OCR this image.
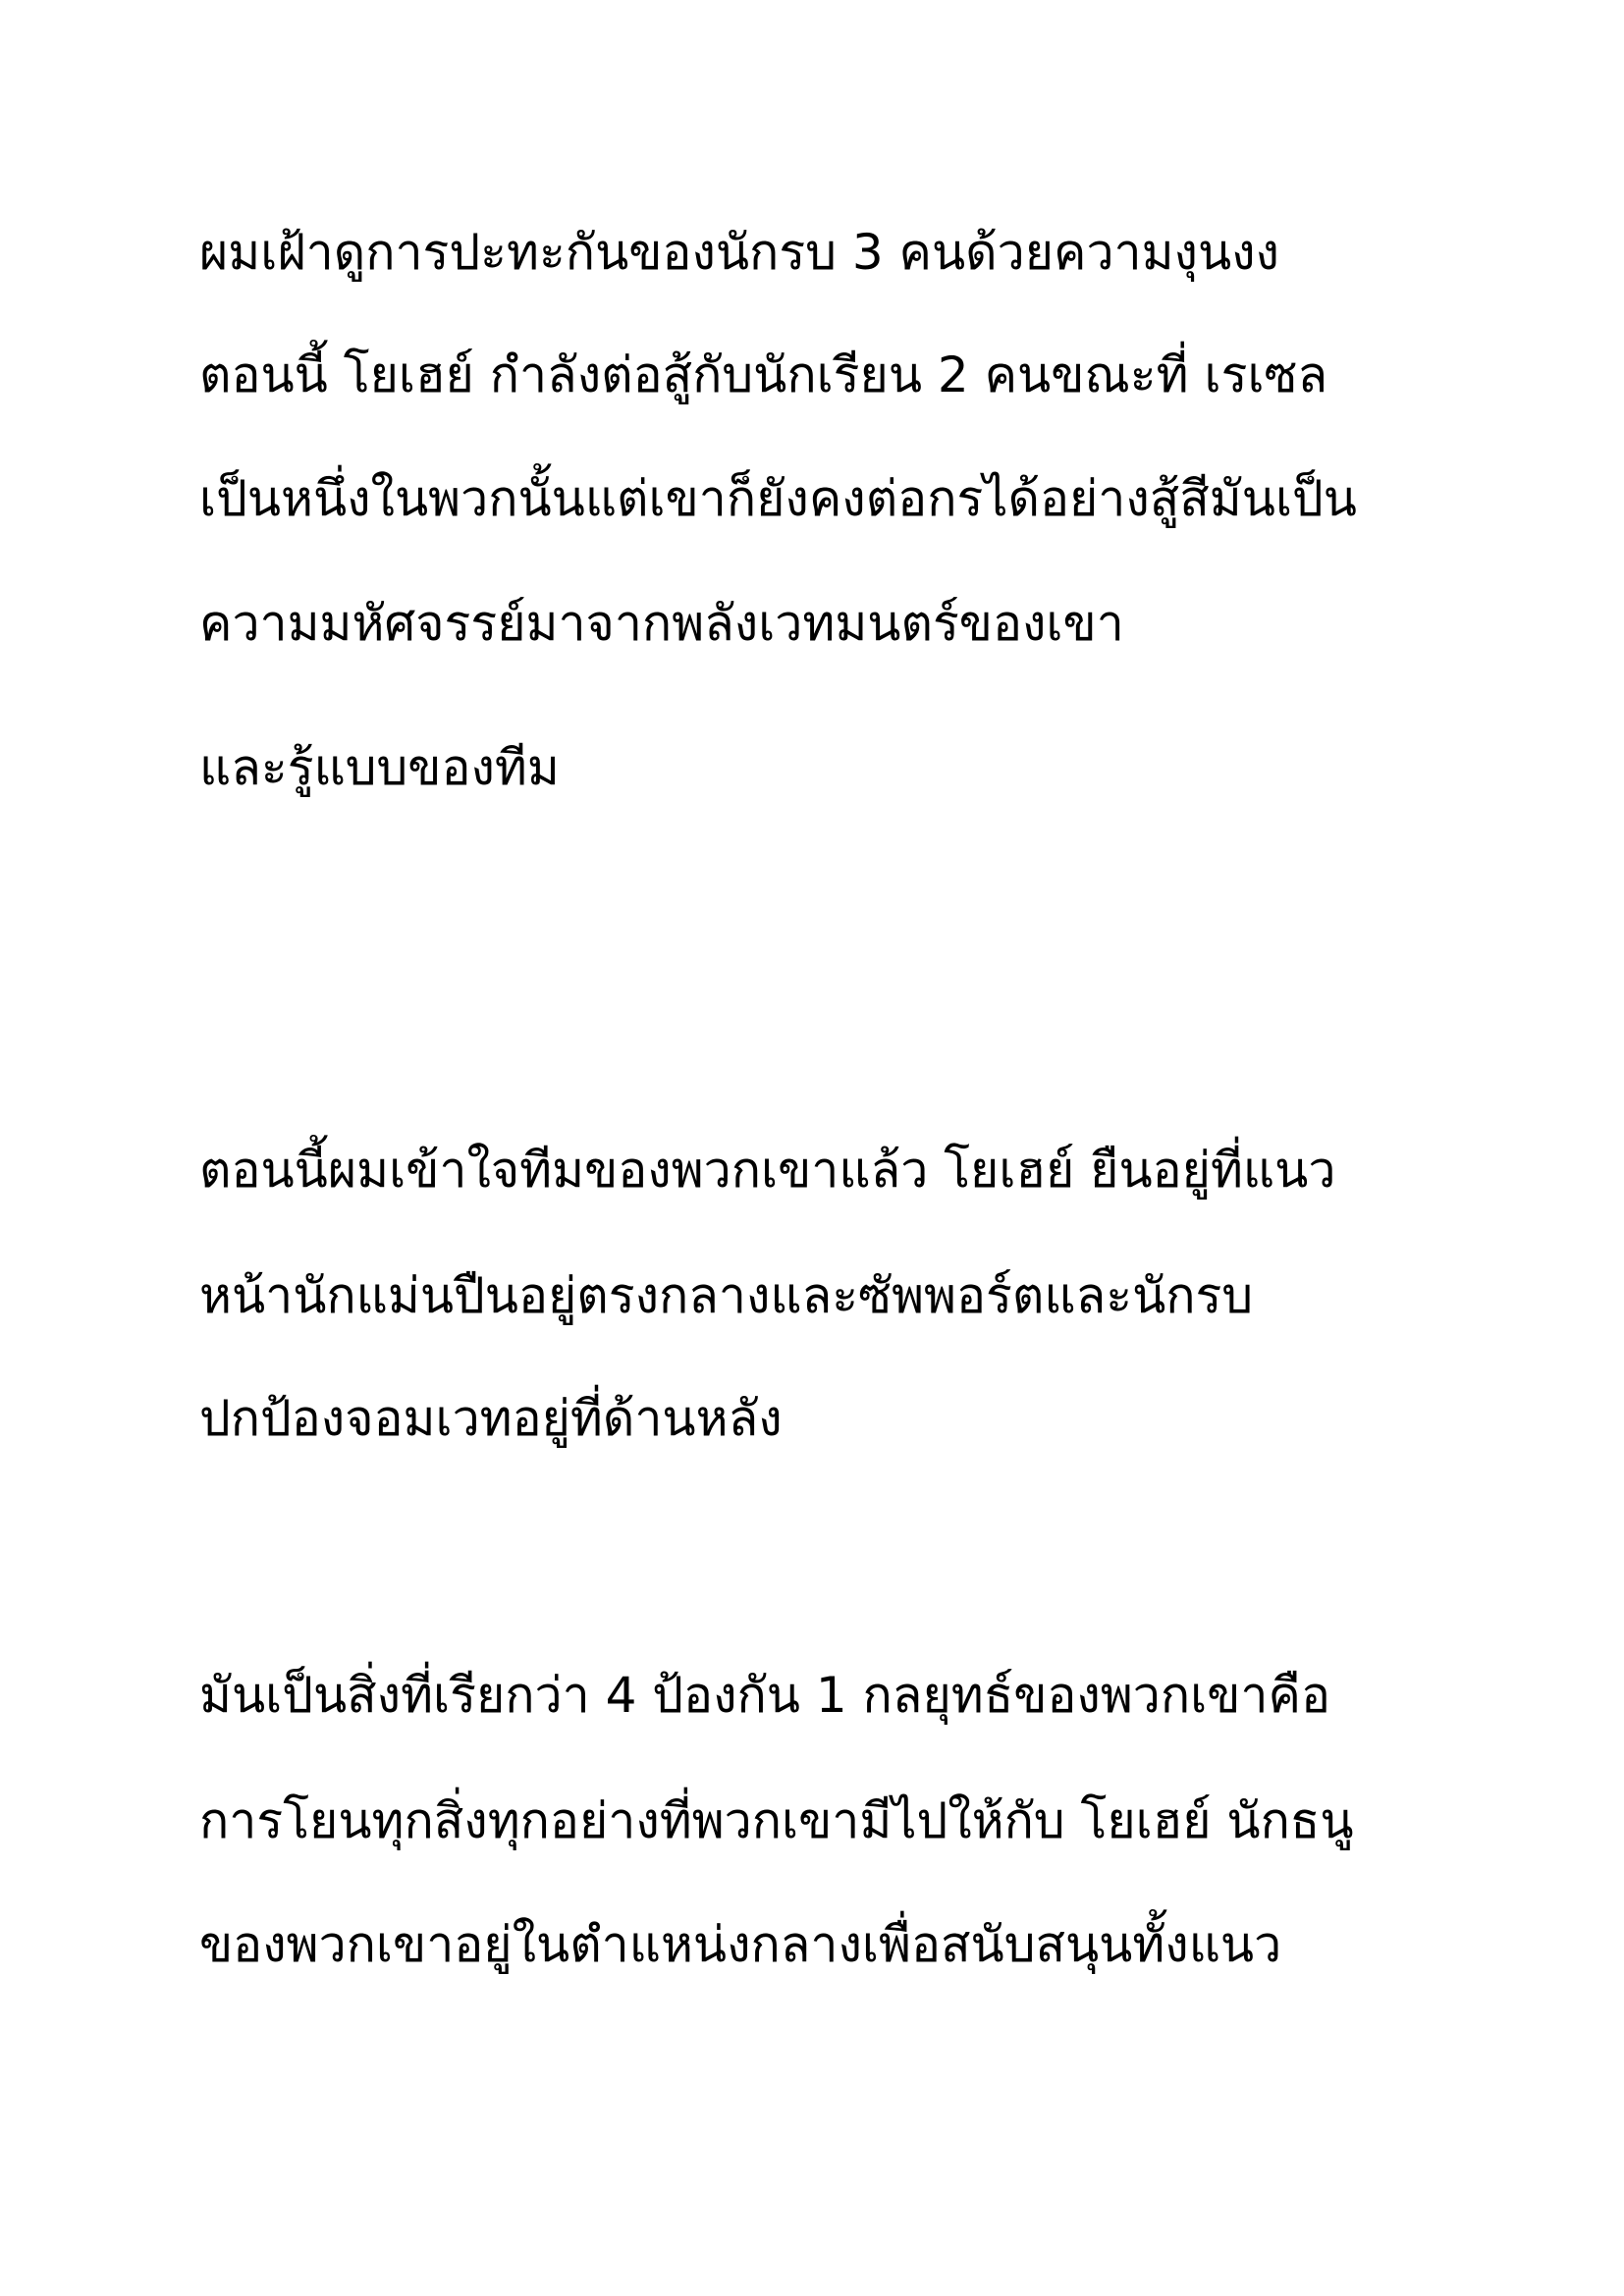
ผมเฝ้าดูการปะทะกันของนักรบ 3 คนด้วยความงุนงง
ตอนนี้ โยเฮย์ กำลังต่อสู้กับนักเรียน 2 คนขณะที่ เรเซล
เป็นหนึ่งในพวกนั้นแต่เขาก็ยังคงต่อกรได้อย่างสู้สีมันเป็น
ความมหัศจรรย์มาจากพลังเวทมนตร์ของเขา
และรู้แบบของทีม
ตอนนี้ผมเข้าใจทีมของพวกเขาแล้ว โยเฮย์ ยืนอยู่ที่แนว
หน้านักแม่นปืนอยู่ตรงกลางและซัพพอร์ตและนักรบ
ปกป้องจอมเวทอยู่ที่ด้านหลัง
มันเป็นสิ่งที่เรียกว่า 4 ป้องกัน 1 กลยุทธ์ของพวกเขาคือ
การโยนทุกสิ่งทุกอย่างที่พวกเขามีไปให้กับ โยเฮย์ นักธนู
ของพวกเขาอยู่ในตำแหน่งกลางเพื่อสนับสนุนทั้งแนว
